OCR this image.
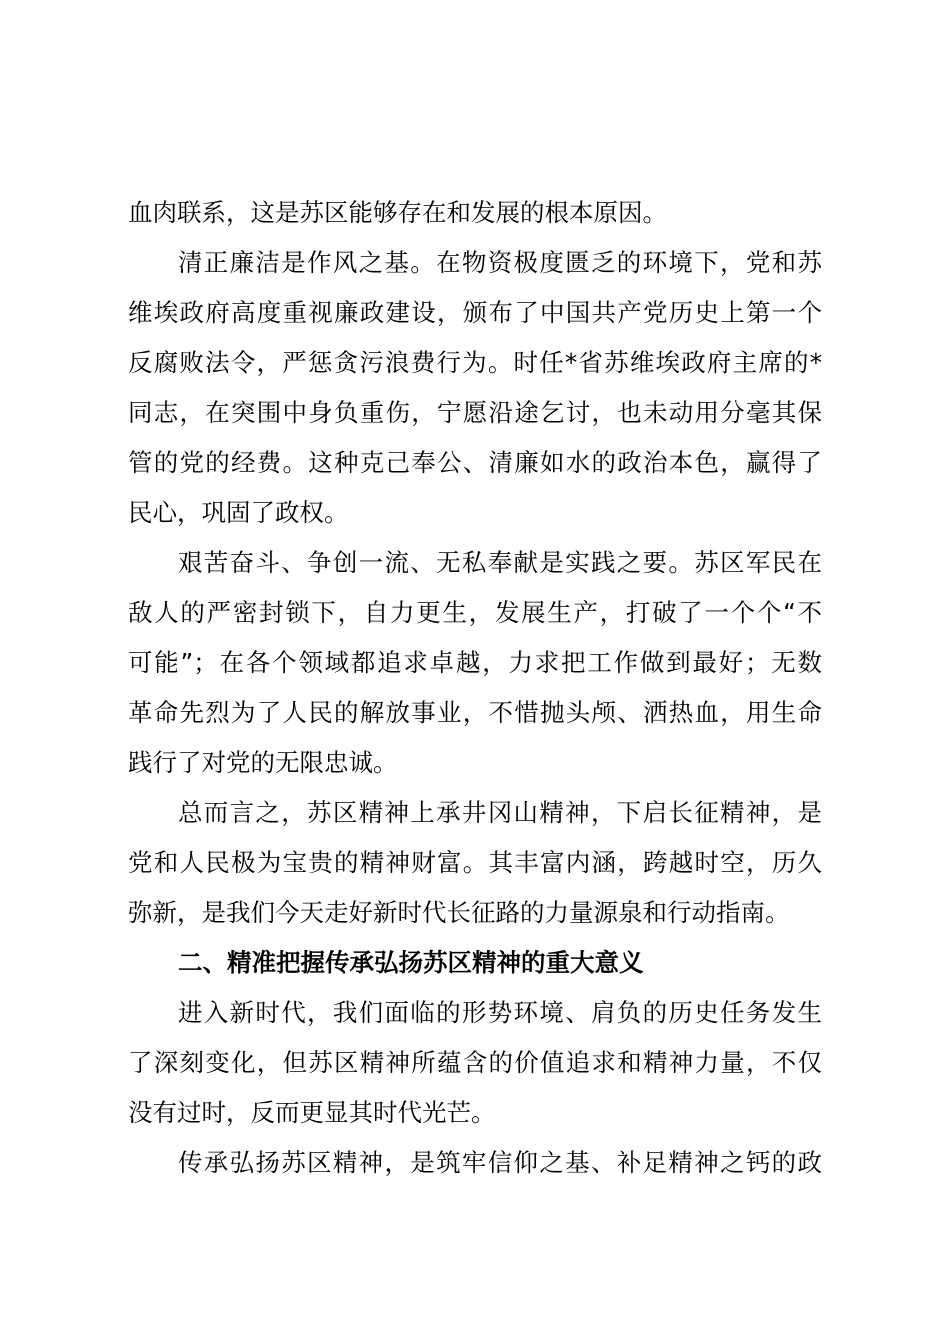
血肉联系，这是苏区能够存在和发展的根本原因。
清正廉洁是作风之基。在物资极度匮乏的环境下，党和苏
维埃政府高度重视廉政建设，颁布了中国共产党历史上第一个
反腐败法令，严惩贪污浪费行为。时任*省苏维埃政府主席的*
同志，在突围中身负重伤，宁愿沿途乞讨，也未动用分毫其保
管的党的经费。这种克己奉公、清廉如水的政治本色，赢得了
民心，巩固了政权。
艰苦奋斗、争创一流、无私奉献是实践之要。苏区军民在
敌人的严密封锁下，自力更生，发展生产，打破了一个个“不
可能”；在各个领域都追求卓越，力求把工作做到最好；无数
革命先烈为了人民的解放事业，不惜抛头颅、洒热血，用生命
践行了对党的无限忠诚。
总而言之，苏区精神上承井冈山精神，下启长征精神，是
党和人民极为宝贵的精神财富。其丰富内涵，跨越时空，历久
弥新，是我们今天走好新时代长征路的力量源泉和行动指南。
二、精准把握传承弘扬苏区精神的重大意义
进入新时代，我们面临的形势环境、肩负的历史任务发生
了深刻变化，但苏区精神所蕴含的价值追求和精神力量，不仅
没有过时，反而更显其时代光芒。
传承弘扬苏区精神，是筑牢信仰之基、补足精神之钙的政
